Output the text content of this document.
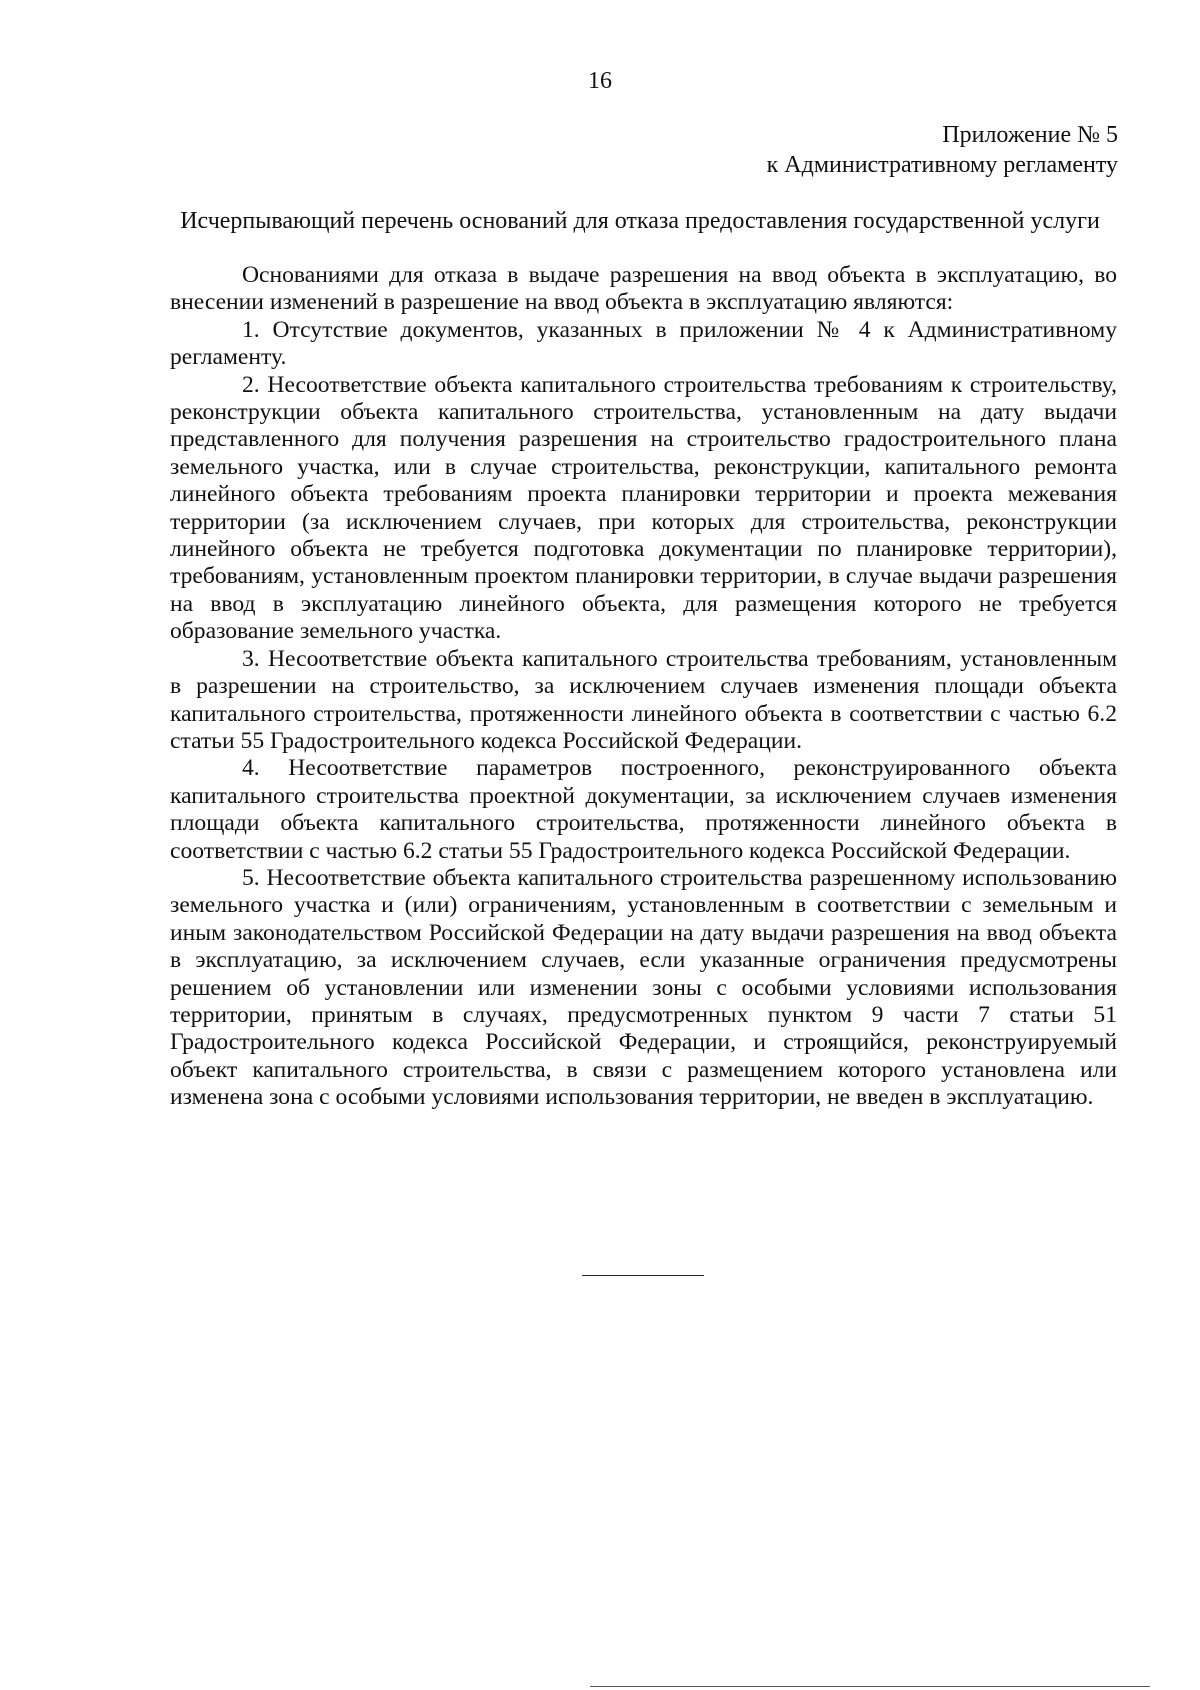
16
Приложение № 5
к Административному регламенту
Исчерпывающий перечень оснований для отказа предоставления государственной услуги

Основаниями для отказа в выдаче разрешения на ввод объекта в эксплуатацию, во внесении изменений в разрешение на ввод объекта в эксплуатацию являются:

1. Отсутствие документов, указанных в приложении № 4 к Административному регламенту.

2. Несоответствие объекта капитального строительства требованиям к строительству, реконструкции объекта капитального строительства, установленным на дату выдачи представленного для получения разрешения на строительство градостроительного плана земельного участка, или в случае строительства, реконструкции, капитального ремонта линейного объекта требованиям проекта планировки территории и проекта межевания территории (за исключением случаев, при которых для строительства, реконструкции линейного объекта не требуется подготовка документации по планировке территории), требованиям, установленным проектом планировки территории, в случае выдачи разрешения на ввод в эксплуатацию линейного объекта, для размещения которого не требуется образование земельного участка.

3. Несоответствие объекта капитального строительства требованиям, установленным в разрешении на строительство, за исключением случаев изменения площади объекта капитального строительства, протяженности линейного объекта в соответствии с частью 6.2 статьи 55 Градостроительного кодекса Российской Федерации.

4. Несоответствие параметров построенного, реконструированного объекта капитального строительства проектной документации, за исключением случаев изменения площади объекта капитального строительства, протяженности линейного объекта в соответствии с частью 6.2 статьи 55 Градостроительного кодекса Российской Федерации.

5. Несоответствие объекта капитального строительства разрешенному использованию земельного участка и (или) ограничениям, установленным в соответствии с земельным и иным законодательством Российской Федерации на дату выдачи разрешения на ввод объекта в эксплуатацию, за исключением случаев, если указанные ограничения предусмотрены решением об установлении или изменении зоны с особыми условиями использования территории, принятым в случаях, предусмотренных пунктом 9 части 7 статьи 51 Градостроительного кодекса Российской Федерации, и строящийся, реконструируемый объект капитального строительства, в связи с размещением которого установлена или изменена зона с особыми условиями использования территории, не введен в эксплуатацию.
